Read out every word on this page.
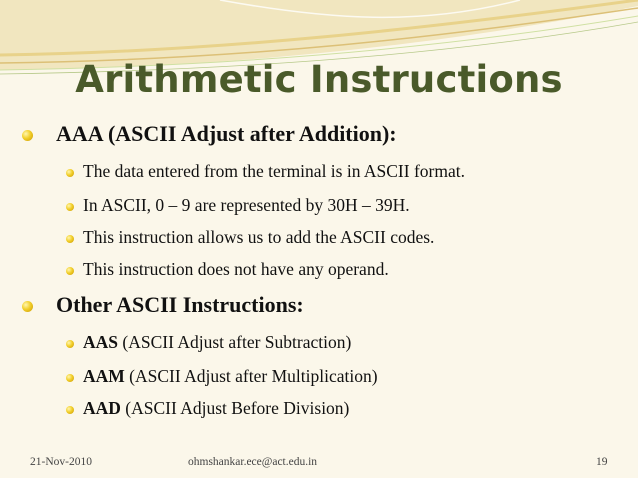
Arithmetic Instructions
AAA (ASCII Adjust after Addition):
The data entered from the terminal is in ASCII format.
In ASCII, 0 – 9 are represented by 30H – 39H.
This instruction allows us to add the ASCII codes.
This instruction does not have any operand.
Other ASCII Instructions:
AAS (ASCII Adjust after Subtraction)
AAM (ASCII Adjust after Multiplication)
AAD (ASCII Adjust Before Division)
21-Nov-2010	ohmshankar.ece@act.edu.in	19
